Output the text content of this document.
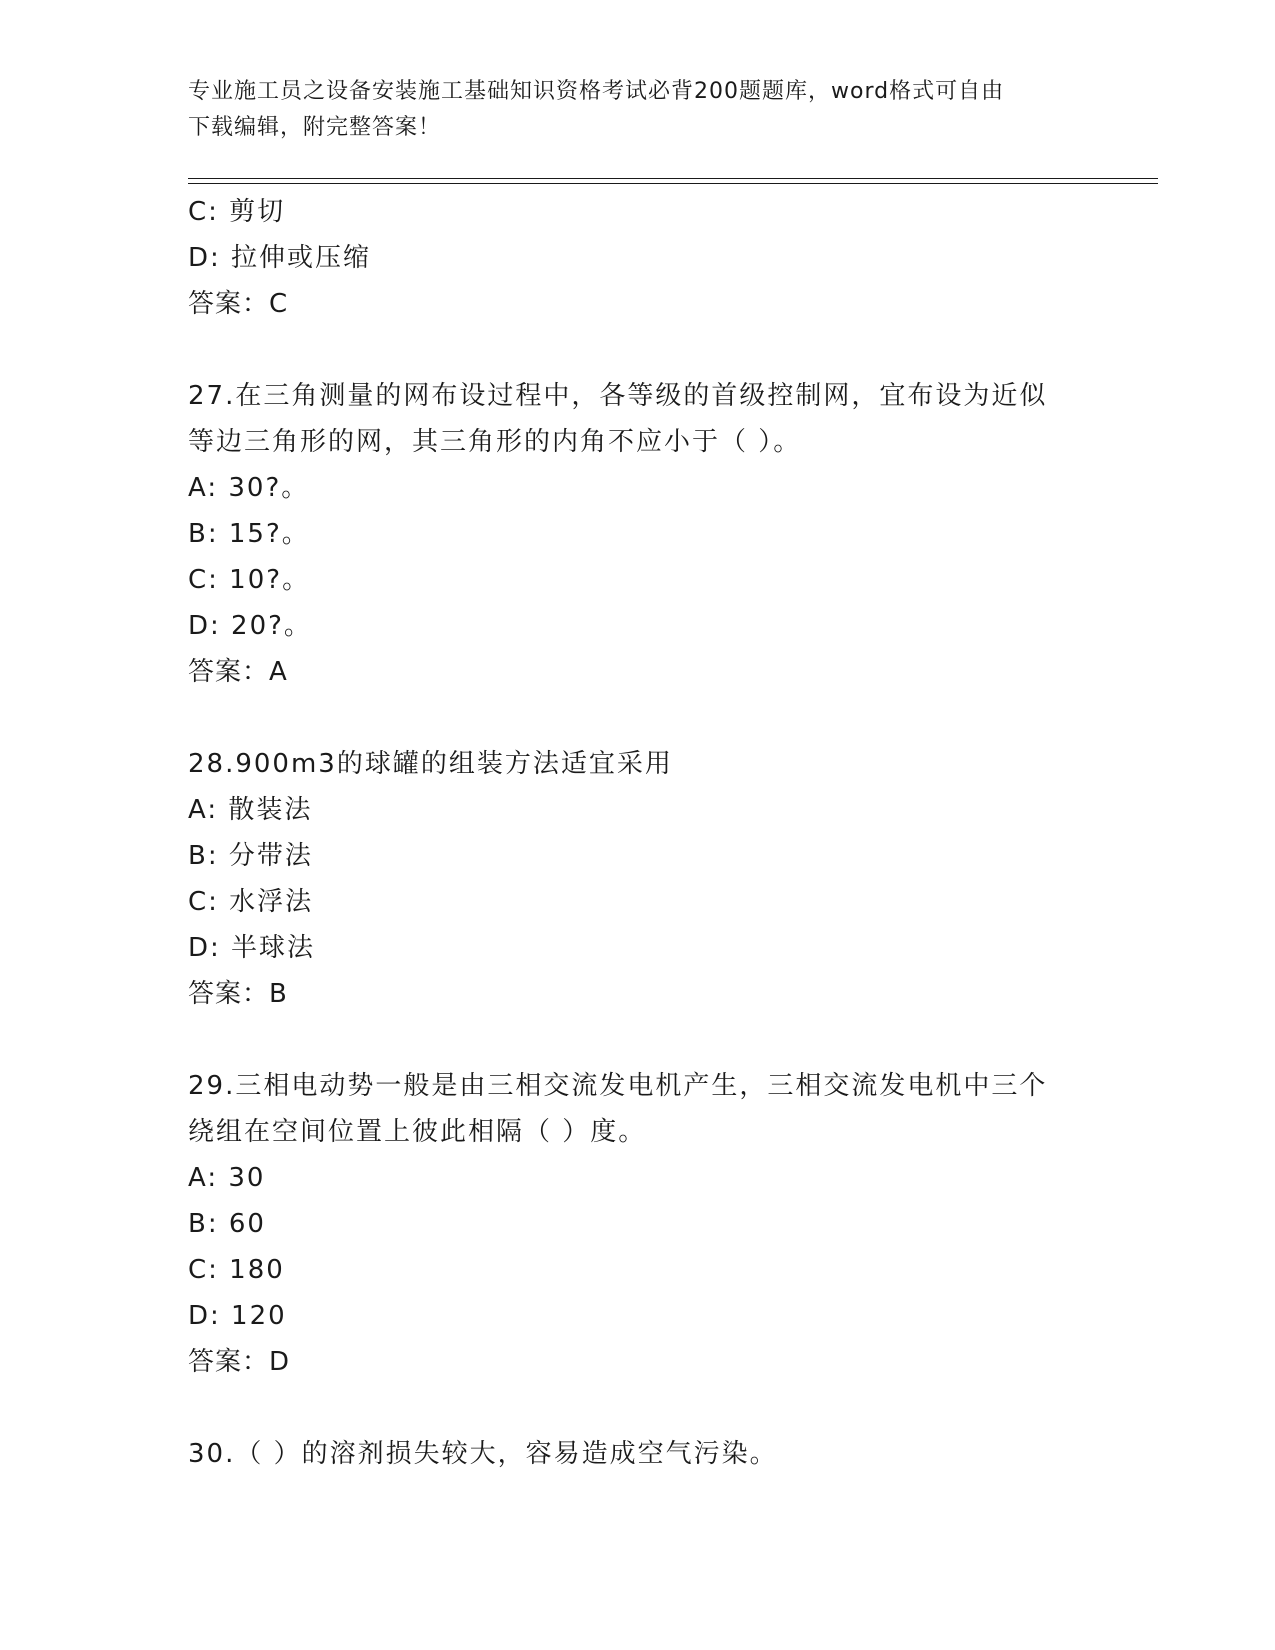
专业施工员之设备安装施工基础知识资格考试必背200题题库，word格式可自由
下载编辑，附完整答案！
C: 剪切
D: 拉伸或压缩
答案：C
27.在三角测量的网布设过程中，各等级的首级控制网，宜布设为近似
等边三角形的网，其三角形的内角不应小于（ ）。
A: 30?。
B: 15?。
C: 10?。
D: 20?。
答案：A
28.900m3的球罐的组装方法适宜采用
A: 散装法
B: 分带法
C: 水浮法
D: 半球法
答案：B
29.三相电动势一般是由三相交流发电机产生，三相交流发电机中三个
绕组在空间位置上彼此相隔（ ）度。
A: 30
B: 60
C: 180
D: 120
答案：D
30.（ ）的溶剂损失较大，容易造成空气污染。
